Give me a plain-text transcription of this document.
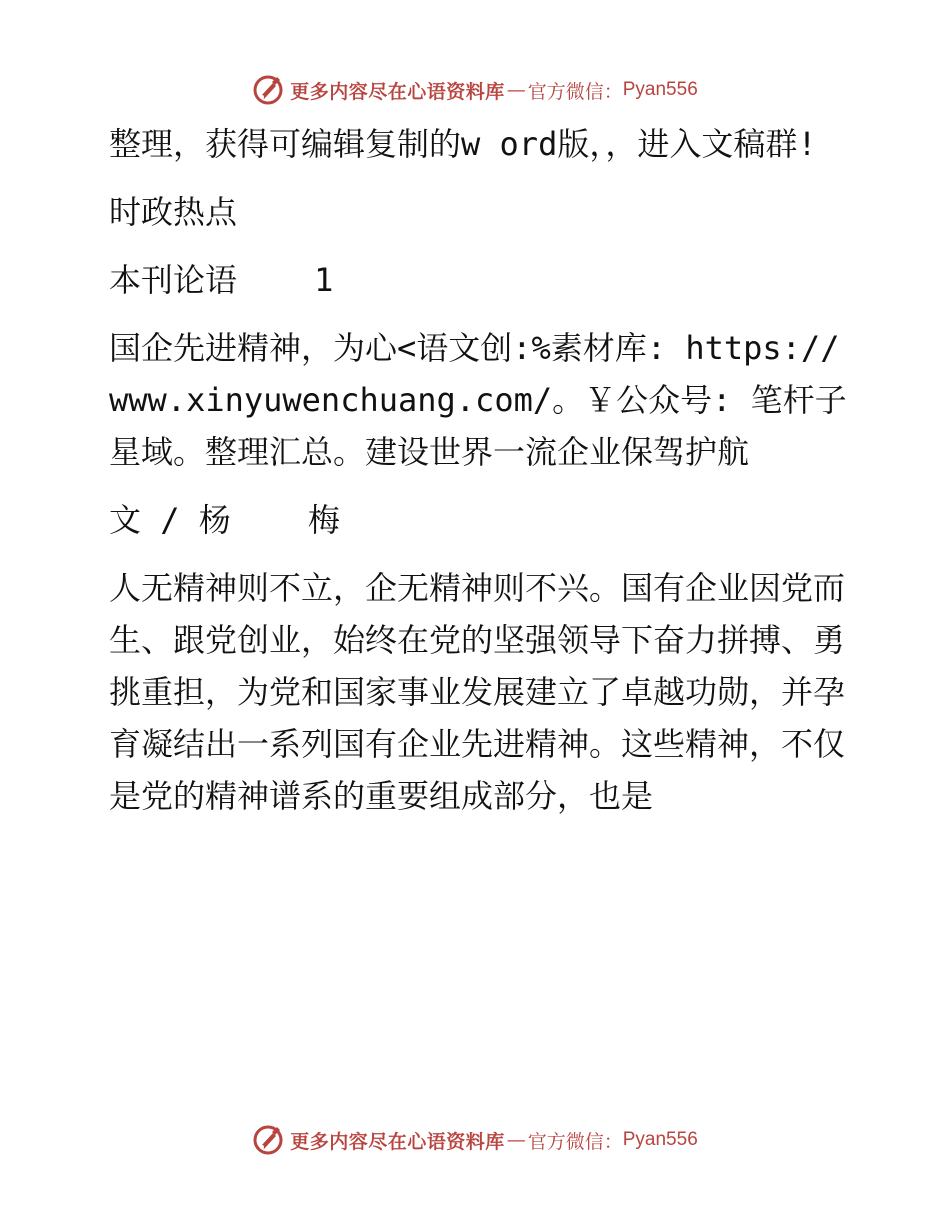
更多内容尽在心语资料库 — 官方微信： Pyan556

整理，获得可编辑复制的w ord版，，进入文稿群!

时政热点

本刊论语    1

国企先进精神，为心<语文创:%素材库: https://www.xinyuwenchuang.com/。￥公众号: 笔杆子星域。整理汇总。建设世界一流企业保驾护航

文 / 杨    梅

人无精神则不立，企无精神则不兴。国有企业因党而生、跟党创业，始终在党的坚强领导下奋力拼搏、勇挑重担，为党和国家事业发展建立了卓越功勋，并孕育凝结出一系列国有企业先进精神。这些精神，不仅是党的精神谱系的重要组成部分，也是

更多内容尽在心语资料库 — 官方微信： Pyan556
